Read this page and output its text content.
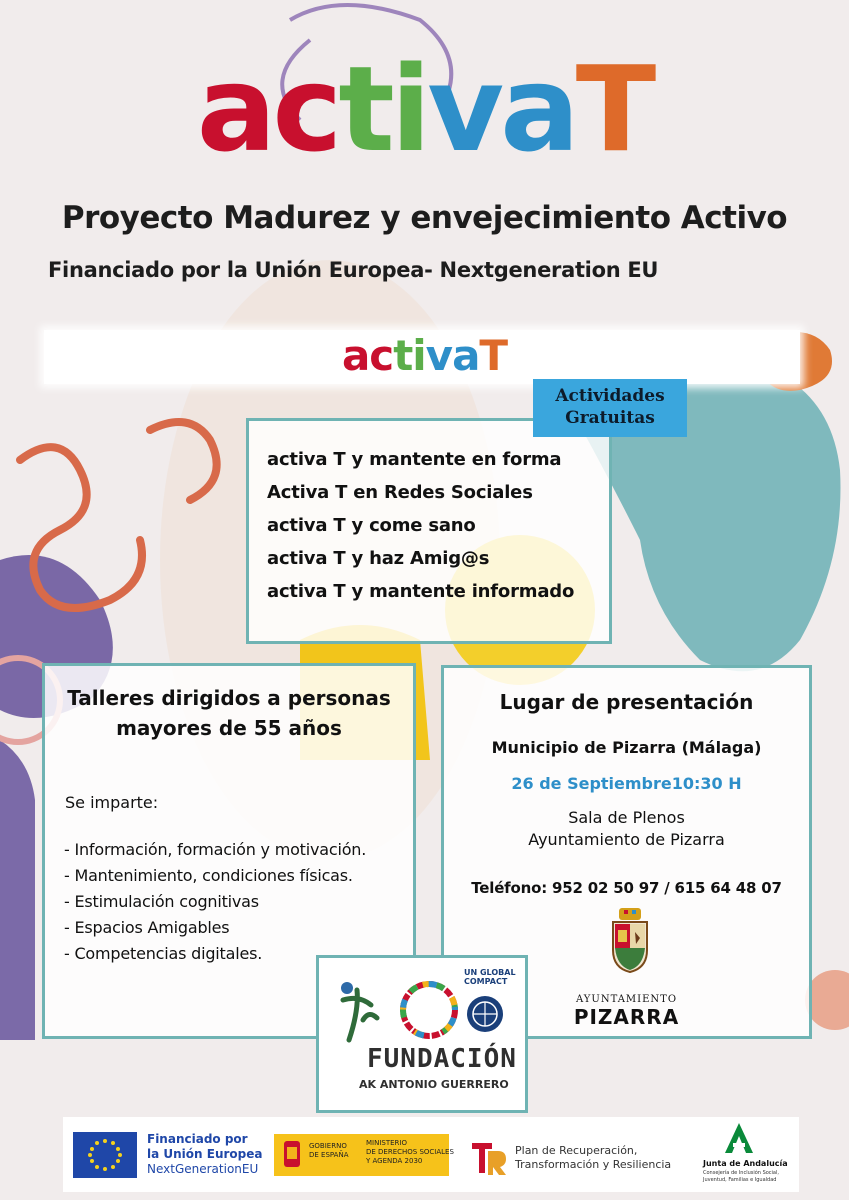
activaT
Proyecto Madurez y envejecimiento Activo
Financiado por la Unión Europea- Nextgeneration EU
activaT
activa T y mantente en forma
Activa T en Redes Sociales
activa T y come sano
activa T y haz Amig@s
activa T y mantente informado
Actividades
Gratuitas
Talleres dirigidos a personas
mayores de 55 años
Se imparte:
- Información, formación y motivación.
- Mantenimiento, condiciones físicas.
- Estimulación cognitivas
- Espacios Amigables
- Competencias digitales.
Lugar de presentación
Municipio de Pizarra (Málaga)
26 de Septiembre10:30 H
Sala de Plenos
Ayuntamiento de Pizarra
Teléfono: 952 02 50 97 / 615 64 48 07
AYUNTAMIENTO
PIZARRA
UN GLOBAL COMPACT
FUNDACIÓN
AK ANTONIO GUERRERO
Financiado por
la Unión Europea
NextGenerationEU
GOBIERNO
DE ESPAÑA
MINISTERIO
DE DERECHOS SOCIALES
Y AGENDA 2030
Plan de Recuperación,
Transformación y Resiliencia	Junta de Andalucía
Consejería de Inclusión Social,
Juventud, Familias e Igualdad
